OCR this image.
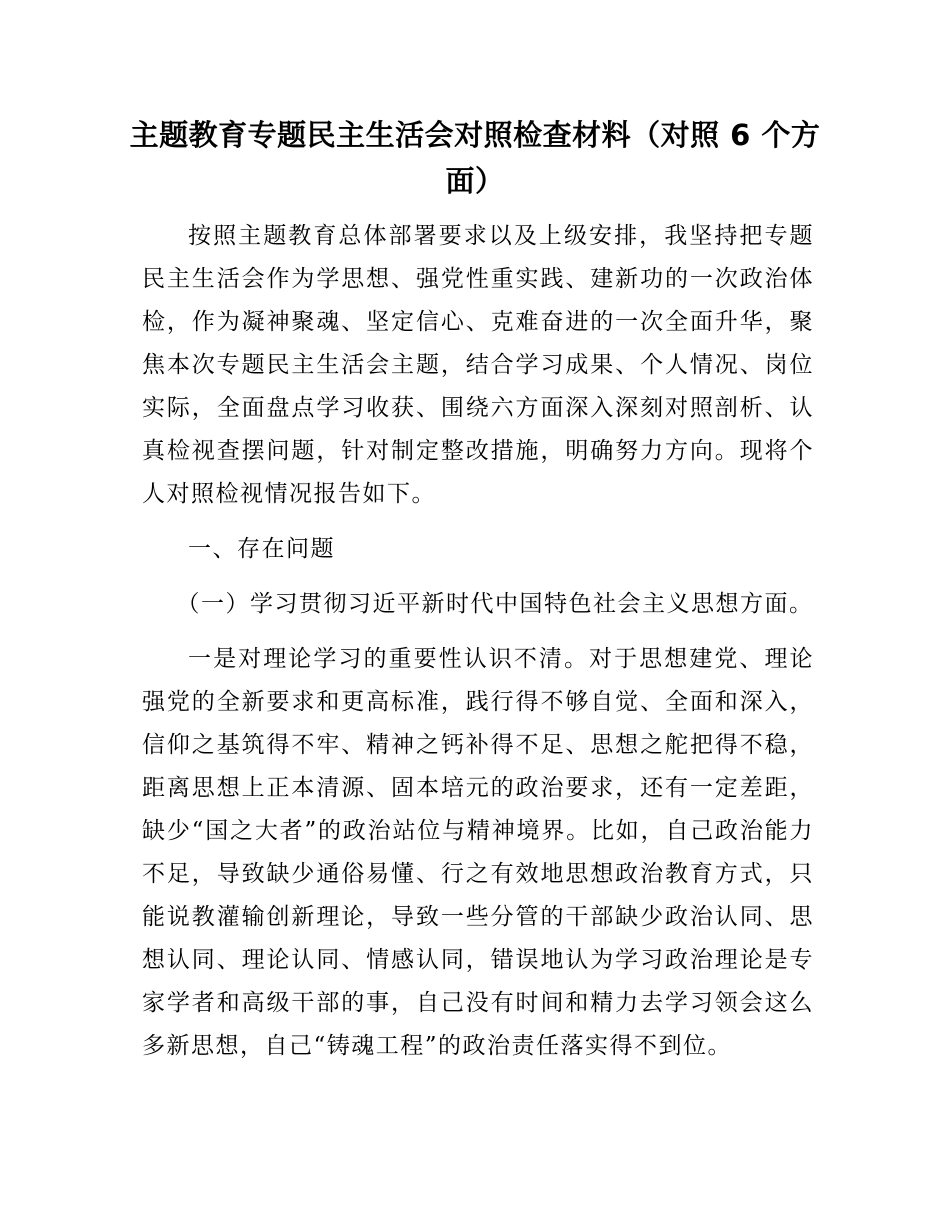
主题教育专题民主生活会对照检查材料（对照 6 个方面）

按照主题教育总体部署要求以及上级安排，我坚持把专题民主生活会作为学思想、强党性重实践、建新功的一次政治体检，作为凝神聚魂、坚定信心、克难奋进的一次全面升华，聚焦本次专题民主生活会主题，结合学习成果、个人情况、岗位实际，全面盘点学习收获、围绕六方面深入深刻对照剖析、认真检视查摆问题，针对制定整改措施，明确努力方向。现将个人对照检视情况报告如下。

一、存在问题

（一）学习贯彻习近平新时代中国特色社会主义思想方面。

一是对理论学习的重要性认识不清。对于思想建党、理论强党的全新要求和更高标准，践行得不够自觉、全面和深入，信仰之基筑得不牢、精神之钙补得不足、思想之舵把得不稳，距离思想上正本清源、固本培元的政治要求，还有一定差距，缺少“国之大者”的政治站位与精神境界。比如，自己政治能力不足，导致缺少通俗易懂、行之有效地思想政治教育方式，只能说教灌输创新理论，导致一些分管的干部缺少政治认同、思想认同、理论认同、情感认同，错误地认为学习政治理论是专家学者和高级干部的事，自己没有时间和精力去学习领会这么多新思想，自己“铸魂工程”的政治责任落实得不到位。
